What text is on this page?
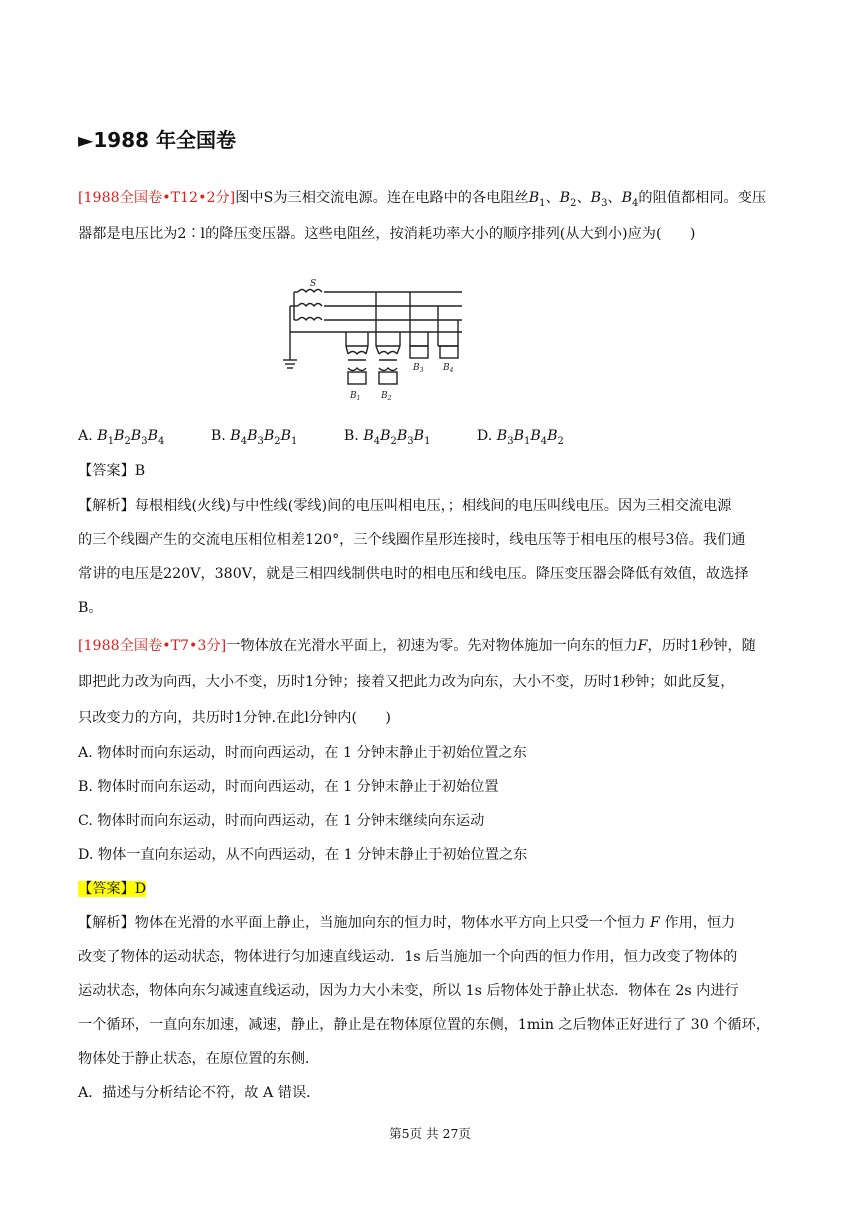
►1988 年全国卷
[1988全国卷•T12•2分]图中S为三相交流电源。连在电路中的各电阻丝$B_1$、$B_2$、$B_3$、$B_4$的阻值都相同。变压
器都是电压比为2∶l的降压变压器。这些电阻丝，按消耗功率大小的顺序排列(从大到小)应为(　　)
S
$B_1$ $B_2$
$B_3$ $B_4$
A. $B_1B_2B_3B_4$	B. $B_4B_3B_2B_1$	B. $B_4B_2B_3B_1$	D. $B_3B_1B_4B_2$
【答案】B
【解析】每根相线(火线)与中性线(零线)间的电压叫相电压，；相线间的电压叫线电压。因为三相交流电源
的三个线圈产生的交流电压相位相差120°，三个线圈作星形连接时，线电压等于相电压的根号3倍。我们通
常讲的电压是220V，380V，就是三相四线制供电时的相电压和线电压。降压变压器会降低有效值，故选择
B。
[1988全国卷•T7•3分]一物体放在光滑水平面上，初速为零。先对物体施加一向东的恒力F，历时1秒钟，随
即把此力改为向西，大小不变，历时1分钟；接着又把此力改为向东，大小不变，历时1秒钟；如此反复，
只改变力的方向，共历时1分钟.在此l分钟内(　　)
A. 物体时而向东运动，时而向西运动，在 1 分钟末静止于初始位置之东
B. 物体时而向东运动，时而向西运动，在 1 分钟末静止于初始位置
C. 物体时而向东运动，时而向西运动，在 1 分钟末继续向东运动
D. 物体一直向东运动，从不向西运动，在 1 分钟末静止于初始位置之东
【答案】D
【解析】物体在光滑的水平面上静止，当施加向东的恒力时，物体水平方向上只受一个恒力 F 作用，恒力
改变了物体的运动状态，物体进行匀加速直线运动．1s 后当施加一个向西的恒力作用，恒力改变了物体的
运动状态，物体向东匀减速直线运动，因为力大小未变，所以 1s 后物体处于静止状态．物体在 2s 内进行
一个循环，一直向东加速，减速，静止，静止是在物体原位置的东侧，1min 之后物体正好进行了 30 个循环，
物体处于静止状态，在原位置的东侧．
A．描述与分析结论不符，故 A 错误．
第5页 共 27页
